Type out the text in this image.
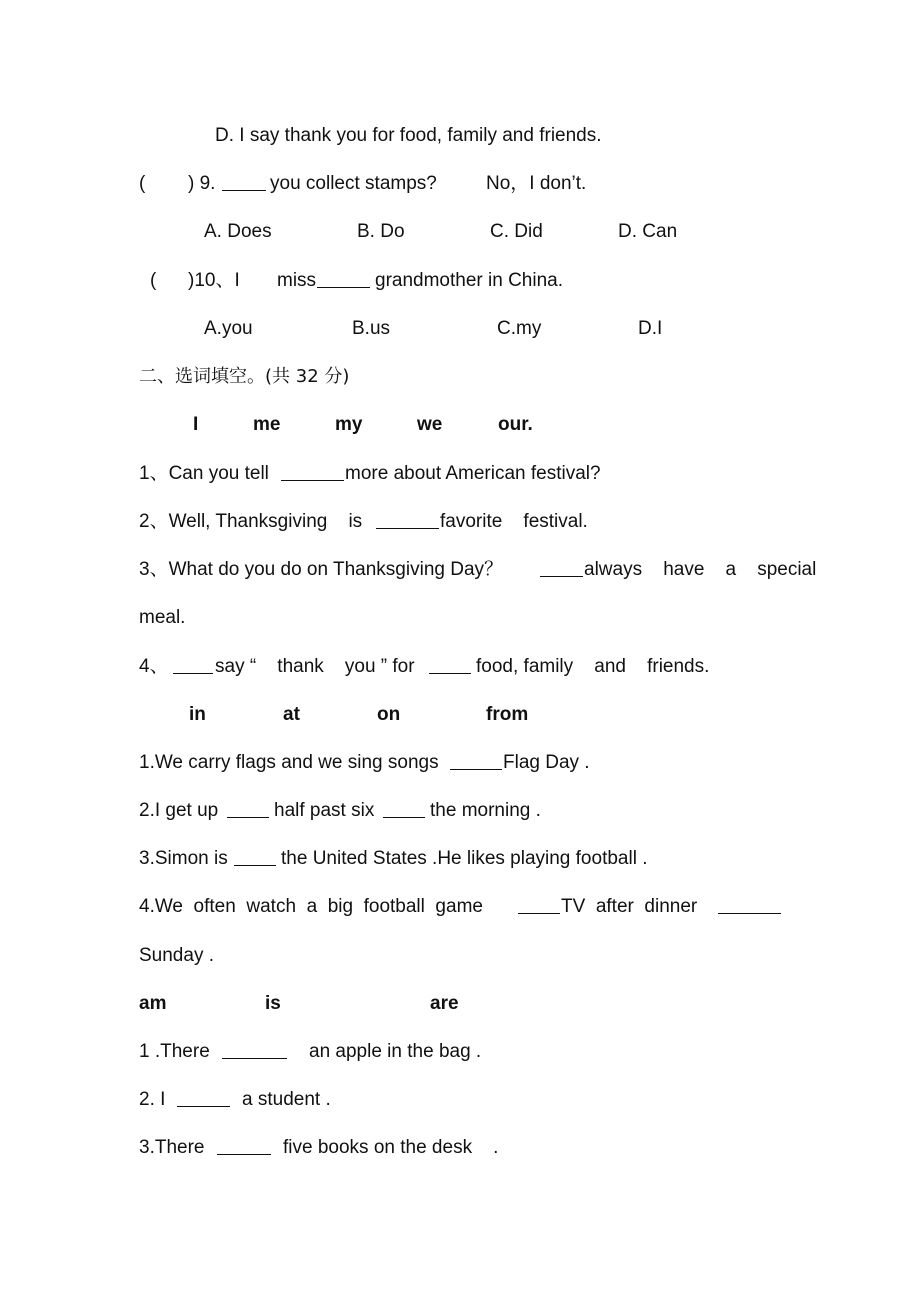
D. I say thank you for food, family and friends.
( ) 9.	you collect stamps?	No，I don’t.
A. Does	B. Do	C. Did	D. Can
( )10、I miss	grandmother in China.
A.you	B.us	C.my	D.I
二、选词填空。(共 32 分)
I	me	my	we	our.
1、Can you tell	more about American festival?
2、Well, Thanksgiving    is	favorite    festival.
3、What do you do on Thanksgiving Day？	always    have    a    special
meal.
4、 say “    thank    you ” for	food, family    and    friends.
in	at	on	from
1.We carry flags and we sing songs	Flag Day .
2.I get up	half past six	the morning .
3.Simon is	the United States .He likes playing football .
4.We  often  watch  a  big  football  game	TV  after  dinner
Sunday .
am	is	are
1 .There	an apple in the bag .
2. I	a student .
3.There	five books on the desk    .
